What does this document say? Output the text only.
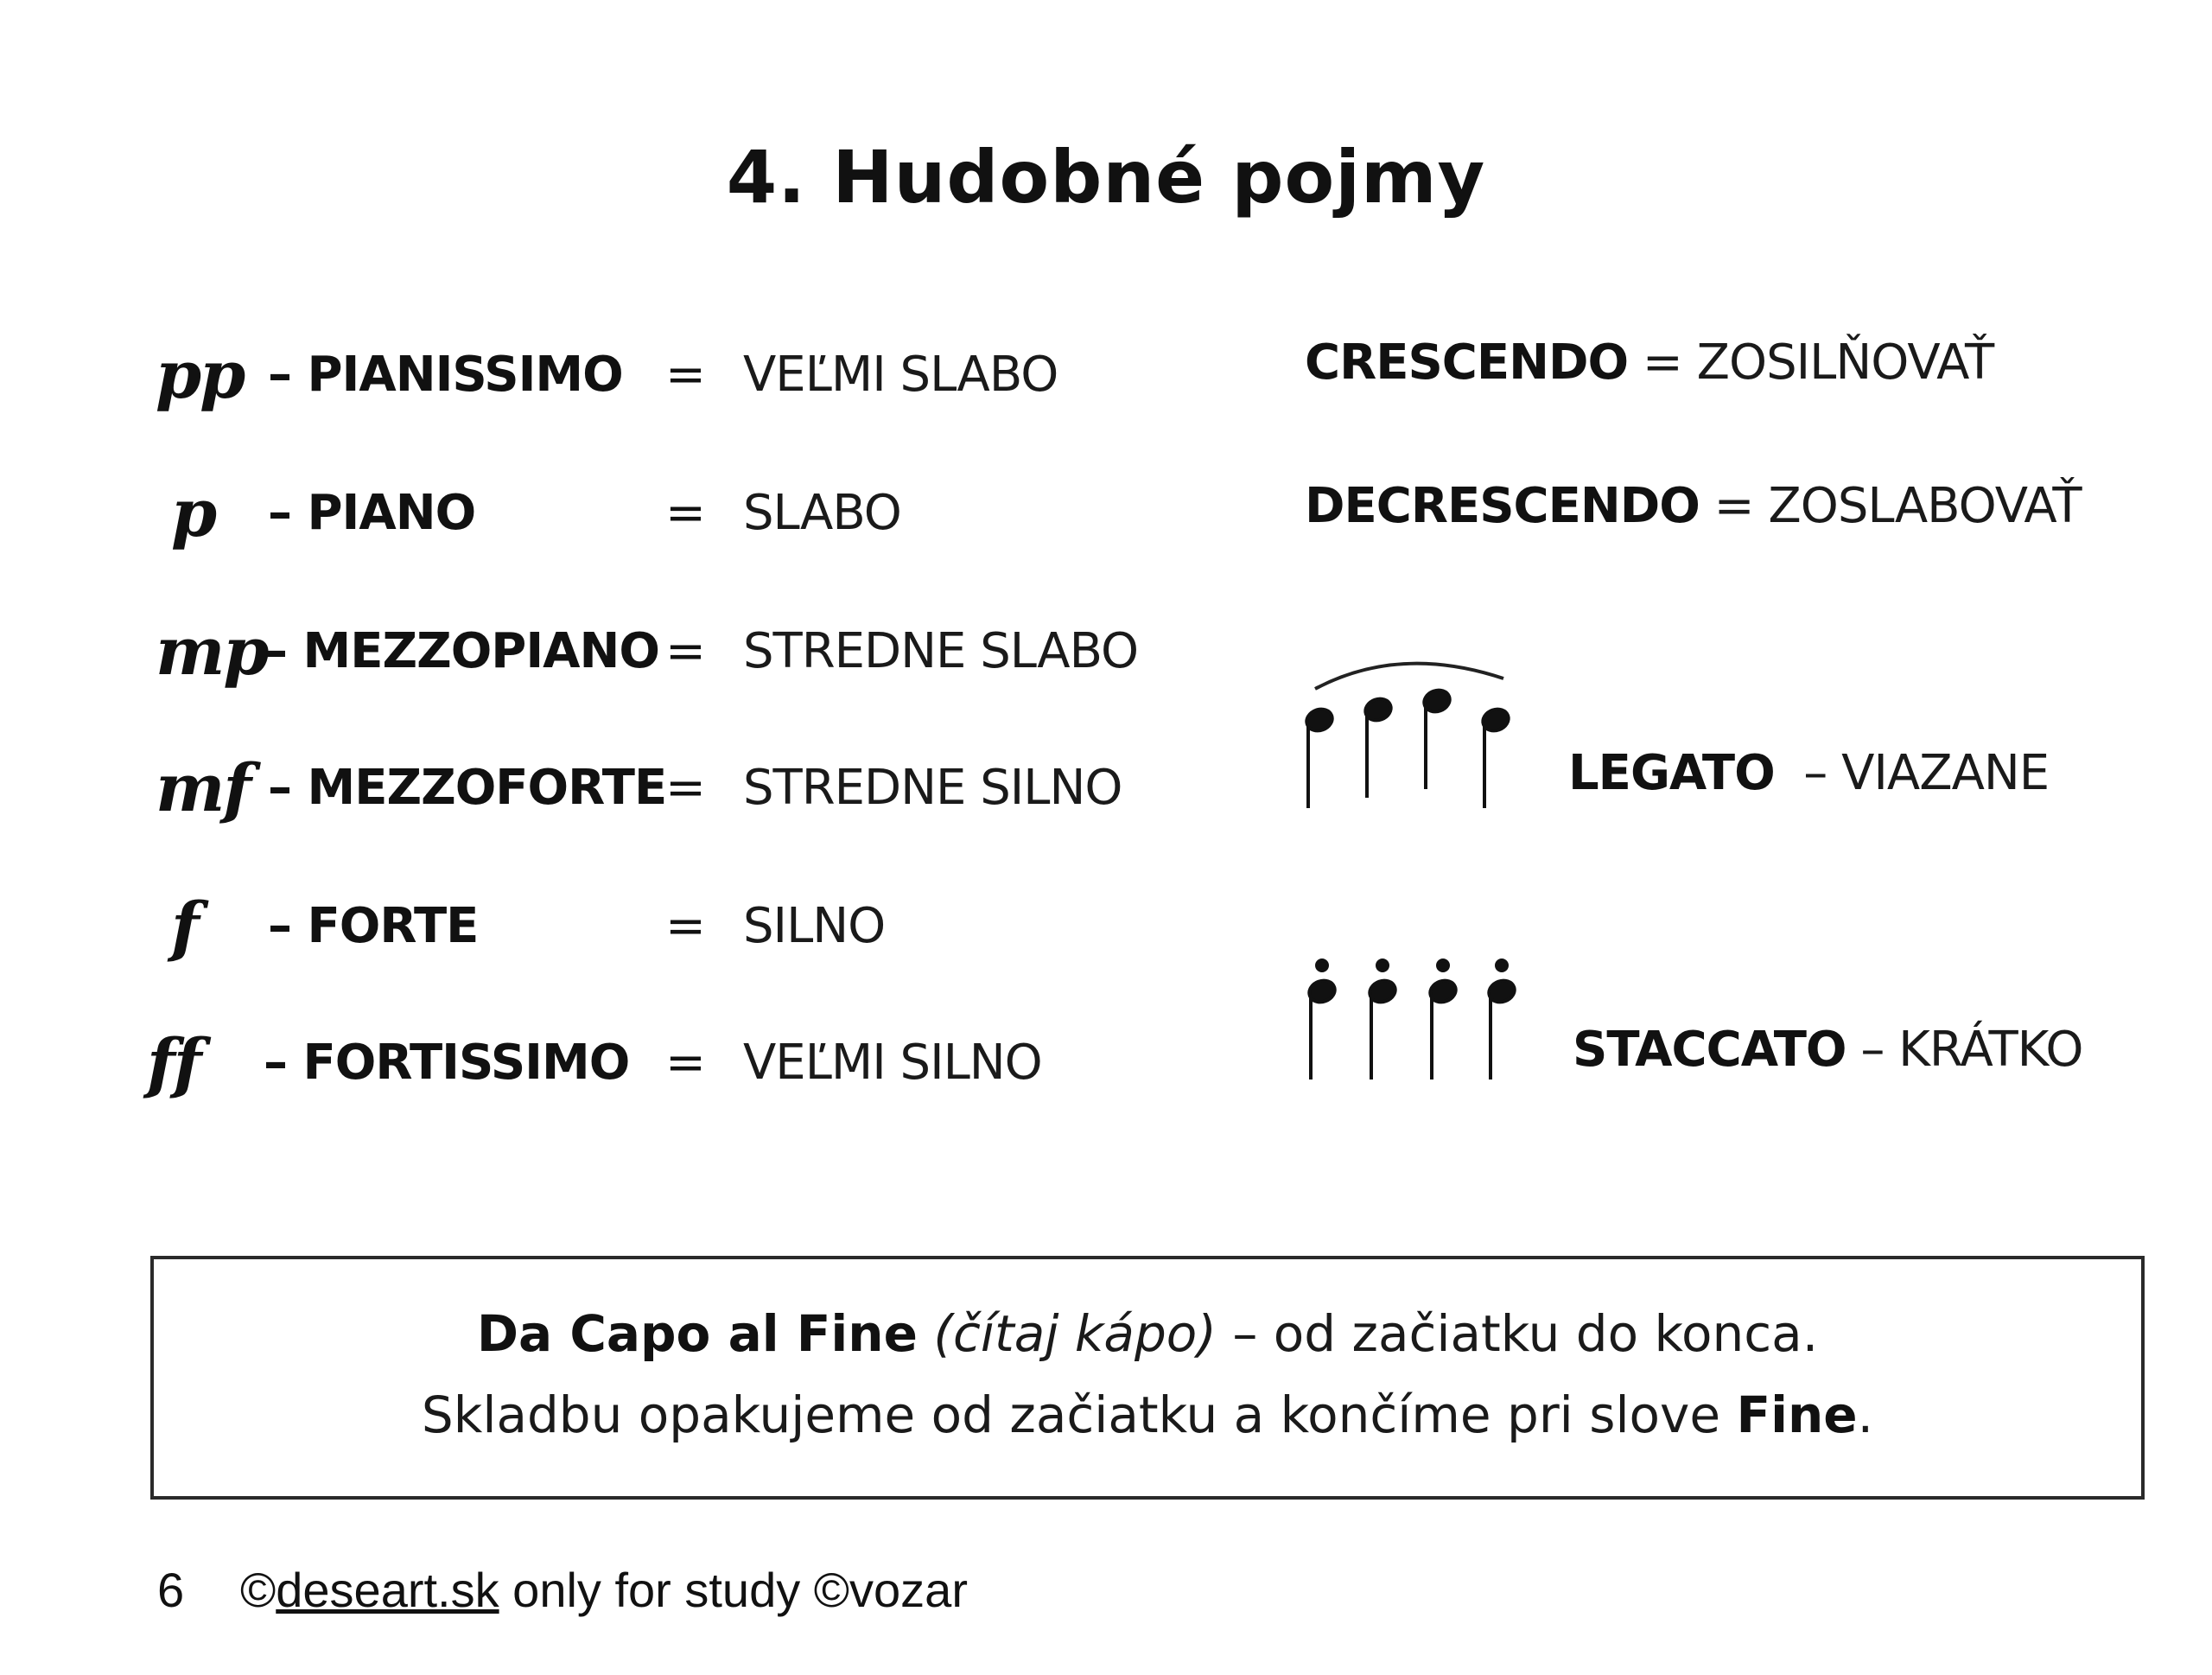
4. Hudobné pojmy
pp – PIANISSIMO = VEĽMI SLABO
p – PIANO	= SLABO
mp
– MEZZOPIANO = STREDNE SLABO
mf – MEZZOFORTE
= STREDNE SILNO
f – FORTE	= SILNO
ff – FORTISSIMO = VEĽMI SILNO
CRESCENDO = ZOSILŇOVAŤ
DECRESCENDO = ZOSLABOVAŤ
LEGATO  – VIAZANE
STACCATO – KRÁTKO
Da Capo al Fine (čítaj kápo) – od začiatku do konca.
Skladbu opakujeme od začiatku a končíme pri slove Fine.
6 ©deseart.sk only for study ©vozar
